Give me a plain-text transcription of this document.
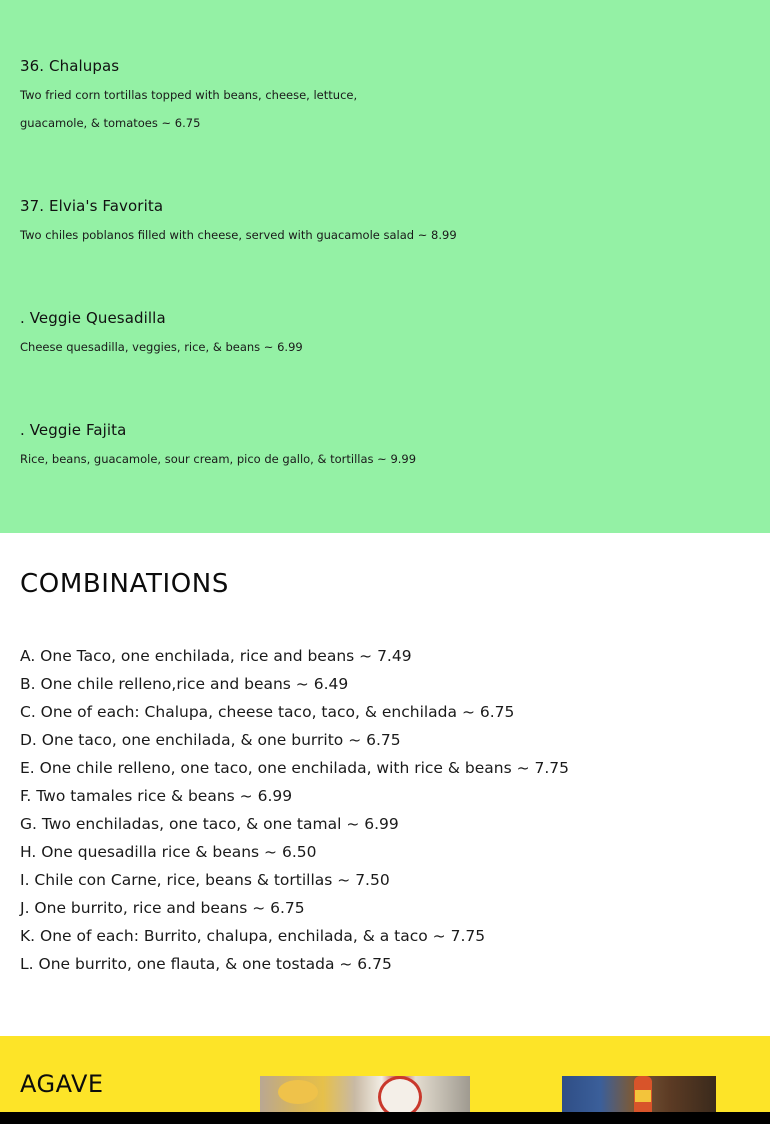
36. Chalupas
Two fried corn tortillas topped with beans, cheese, lettuce,
guacamole, & tomatoes ~ 6.75
37. Elvia's Favorita
Two chiles poblanos filled with cheese, served with guacamole salad ~ 8.99
. Veggie Quesadilla
Cheese quesadilla, veggies, rice, & beans ~ 6.99
. Veggie Fajita
Rice, beans, guacamole, sour cream, pico de gallo, & tortillas ~ 9.99
COMBINATIONS
A. One Taco, one enchilada, rice and beans ~ 7.49
B. One chile relleno,rice and beans ~ 6.49
C. One of each: Chalupa, cheese taco, taco, & enchilada ~ 6.75
D. One taco, one enchilada, & one burrito ~ 6.75
E. One chile relleno, one taco, one enchilada, with rice & beans ~ 7.75
F. Two tamales rice & beans ~ 6.99
G. Two enchiladas, one taco, & one tamal ~ 6.99
H. One quesadilla rice & beans ~ 6.50
I. Chile con Carne, rice, beans & tortillas ~ 7.50
J. One burrito, rice and beans ~ 6.75
K. One of each: Burrito, chalupa, enchilada, & a taco ~ 7.75
L. One burrito, one flauta, & one tostada ~ 6.75
AGAVE
